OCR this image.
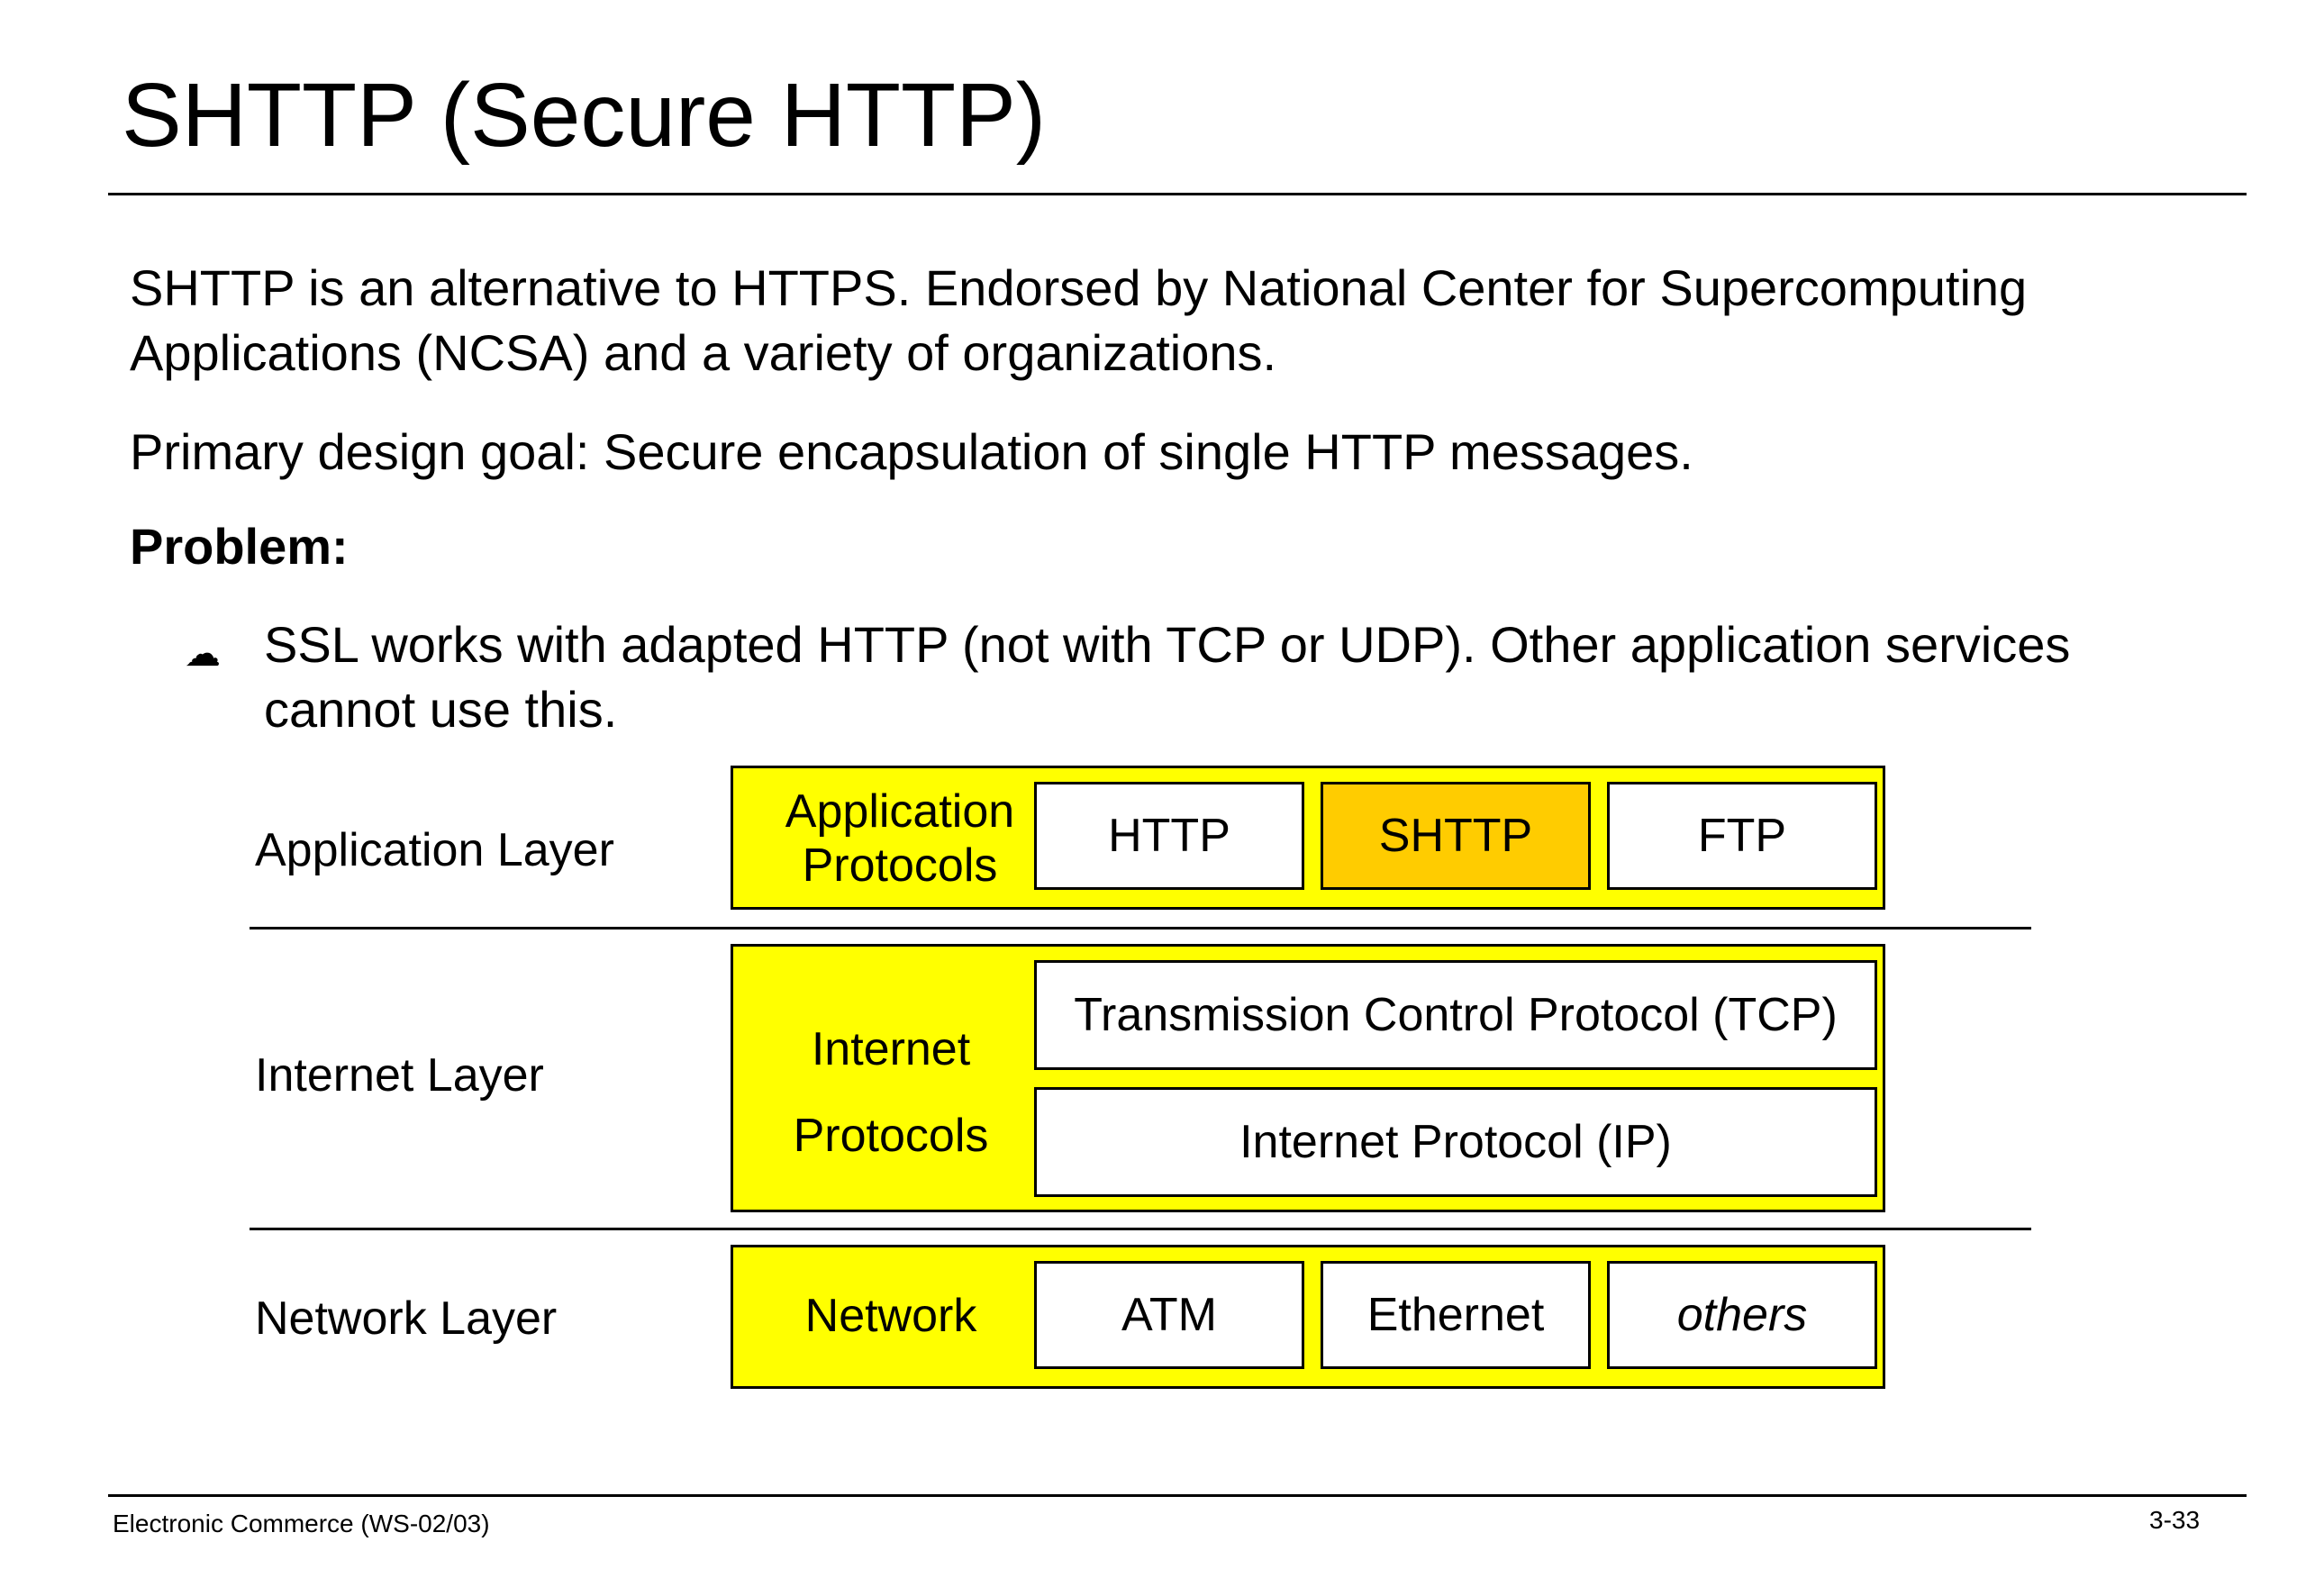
SHTTP (Secure HTTP)
SHTTP is an alternative to HTTPS. Endorsed by National Center for Supercomputing
Applications (NCSA) and a variety of organizations.
Primary design goal: Secure encapsulation of single HTTP messages.
Problem:
☁ SSL works with adapted HTTP (not with TCP or UDP). Other application services
cannot use this.
Application Layer
Internet Layer
Network Layer
Application
Protocols
HTTP	SHTTP	FTP
Internet
Protocols
Transmission Control Protocol (TCP)
Internet Protocol (IP)
Network	ATM	Ethernet	others
Electronic Commerce (WS-02/03)	3-33
